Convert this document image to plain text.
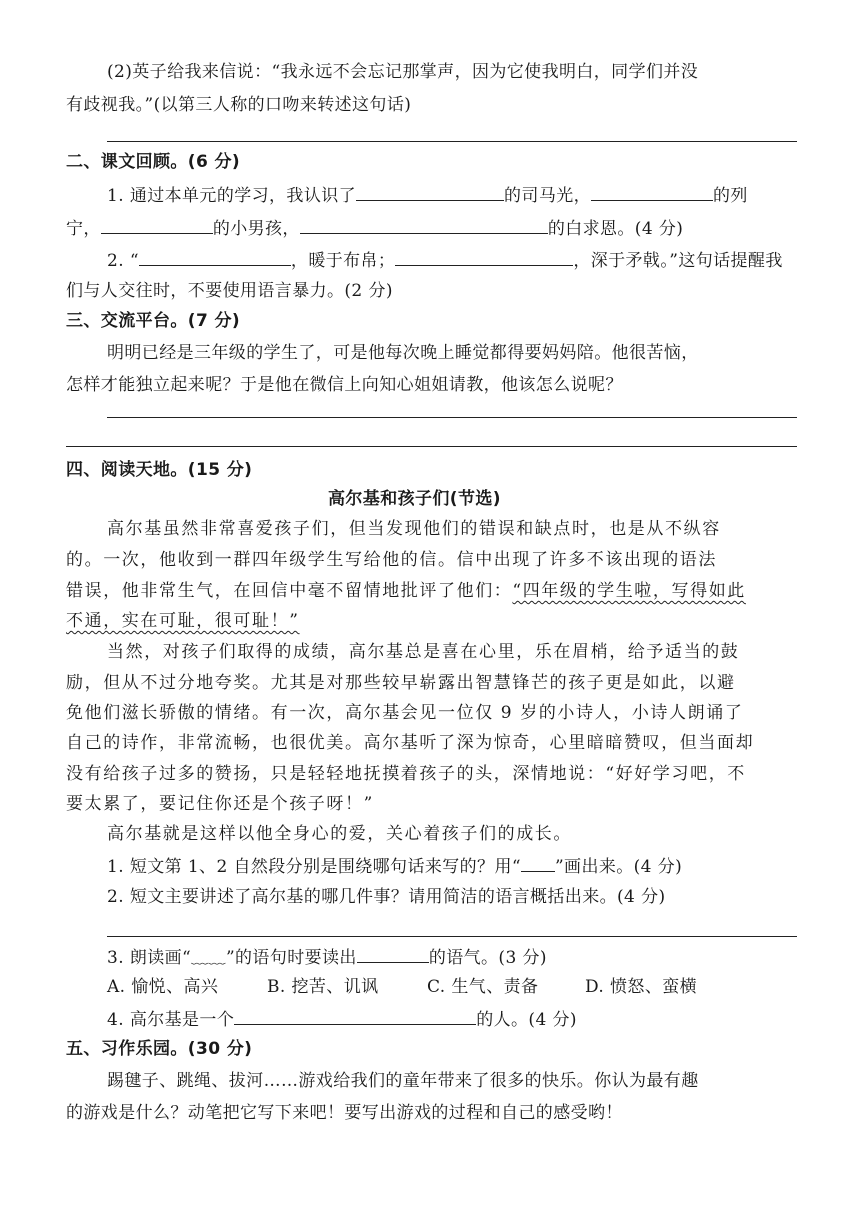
(2)英子给我来信说：“我永远不会忘记那掌声，因为它使我明白，同学们并没
有歧视我。”(以第三人称的口吻来转述这句话)
二、课文回顾。(6 分)
1. 通过本单元的学习，我认识了	的司马光，	的列
宁，	的小男孩，	的白求恩。(4 分)
2. “	，暖于布帛；	，深于矛戟。”这句话提醒我
们与人交往时，不要使用语言暴力。(2 分)
三、交流平台。(7 分)
明明已经是三年级的学生了，可是他每次晚上睡觉都得要妈妈陪。他很苦恼，
怎样才能独立起来呢？于是他在微信上向知心姐姐请教，他该怎么说呢？
四、阅读天地。(15 分)
高尔基和孩子们(节选)
高尔基虽然非常喜爱孩子们，但当发现他们的错误和缺点时，也是从不纵容
的。一次，他收到一群四年级学生写给他的信。信中出现了许多不该出现的语法
错误，他非常生气，在回信中毫不留情地批评了他们：“四年级的学生啦，写得如此
不通，实在可耻，很可耻！”
当然，对孩子们取得的成绩，高尔基总是喜在心里，乐在眉梢，给予适当的鼓
励，但从不过分地夸奖。尤其是对那些较早崭露出智慧锋芒的孩子更是如此，以避
免他们滋长骄傲的情绪。有一次，高尔基会见一位仅 9 岁的小诗人，小诗人朗诵了
自己的诗作，非常流畅，也很优美。高尔基听了深为惊奇，心里暗暗赞叹，但当面却
没有给孩子过多的赞扬，只是轻轻地抚摸着孩子的头，深情地说：“好好学习吧，不
要太累了，要记住你还是个孩子呀！”
高尔基就是这样以他全身心的爱，关心着孩子们的成长。
1. 短文第 1、2 自然段分别是围绕哪句话来写的？用“ ”画出来。(4 分)
2. 短文主要讲述了高尔基的哪几件事？请用简洁的语言概括出来。(4 分)
3. 朗读画“﹏﹏”的语句时要读出	的语气。(3 分)
A. 愉悦、高兴	B. 挖苦、讥讽	C. 生气、责备	D. 愤怒、蛮横
4. 高尔基是一个	的人。(4 分)
五、习作乐园。(30 分)
踢毽子、跳绳、拔河……游戏给我们的童年带来了很多的快乐。你认为最有趣
的游戏是什么？动笔把它写下来吧！要写出游戏的过程和自己的感受哟！
